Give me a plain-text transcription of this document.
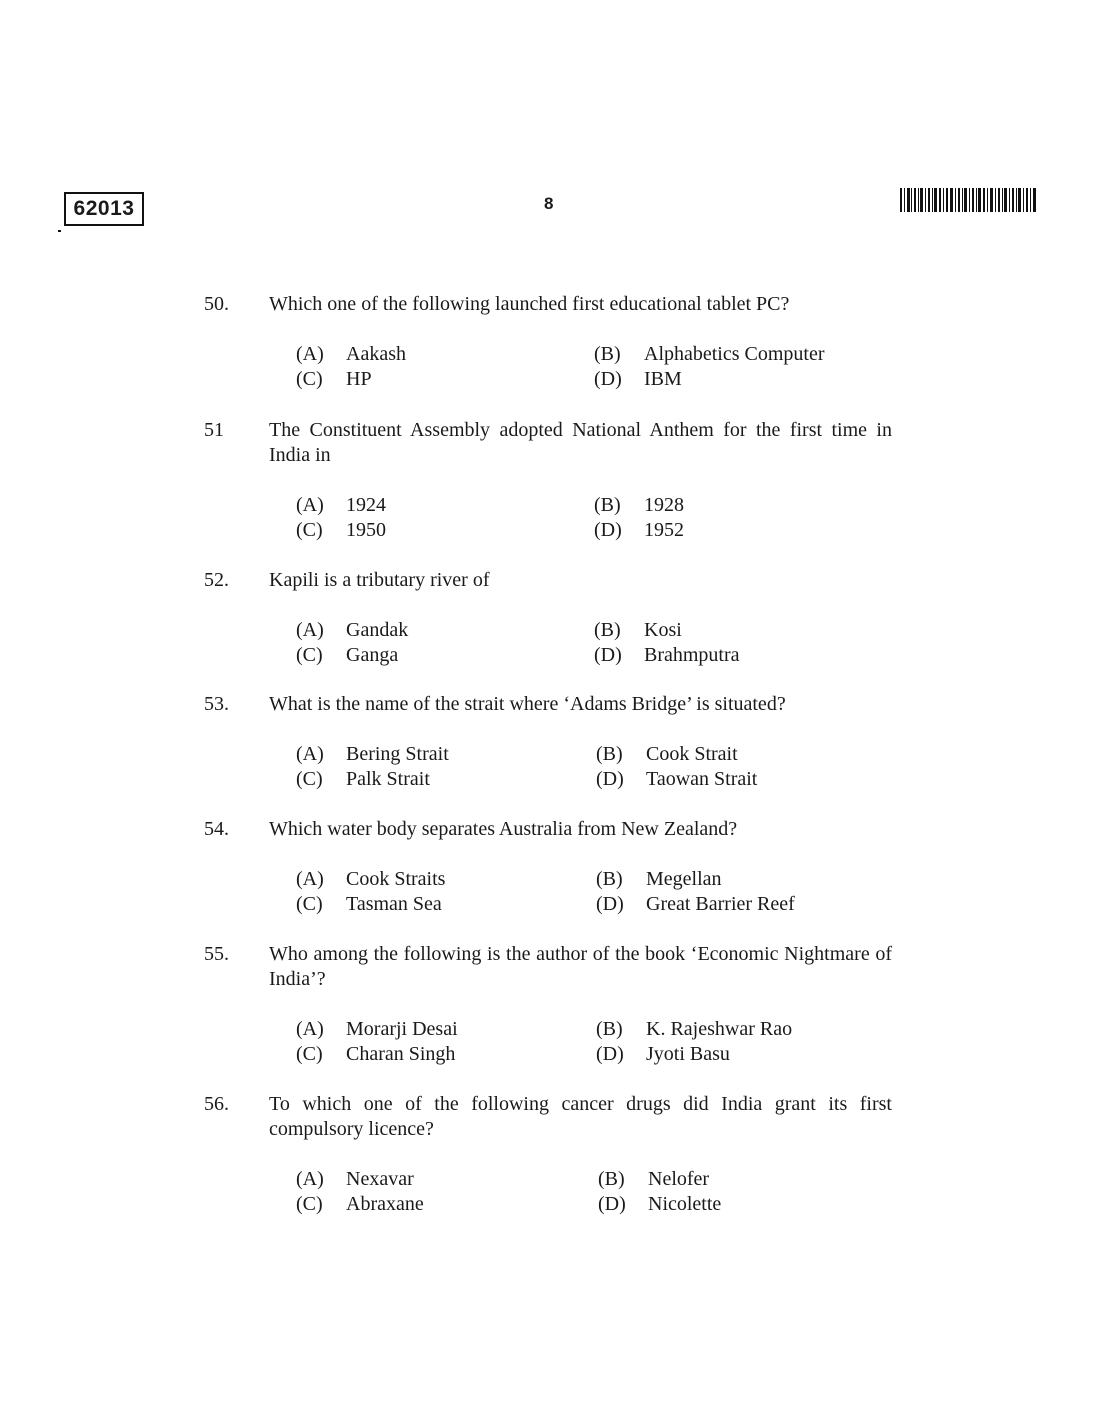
62013	8
50. Which one of the following launched first educational tablet PC?
(A) Aakash	(B) Alphabetics Computer
(C) HP	(D) IBM
51 The Constituent Assembly adopted National Anthem for the first time in India in
(A) 1924	(B) 1928
(C) 1950	(D) 1952
52. Kapili is a tributary river of
(A) Gandak	(B) Kosi
(C) Ganga	(D) Brahmputra
53. What is the name of the strait where ‘Adams Bridge’ is situated?
(A) Bering Strait	(B) Cook Strait
(C) Palk Strait	(D) Taowan Strait
54. Which water body separates Australia from New Zealand?
(A) Cook Straits	(B) Megellan
(C) Tasman Sea	(D) Great Barrier Reef
55. Who among the following is the author of the book ‘Economic Nightmare of India’?
(A) Morarji Desai	(B) K. Rajeshwar Rao
(C) Charan Singh	(D) Jyoti Basu
56. To which one of the following cancer drugs did India grant its first compulsory licence?
(A) Nexavar	(B) Nelofer
(C) Abraxane	(D) Nicolette
